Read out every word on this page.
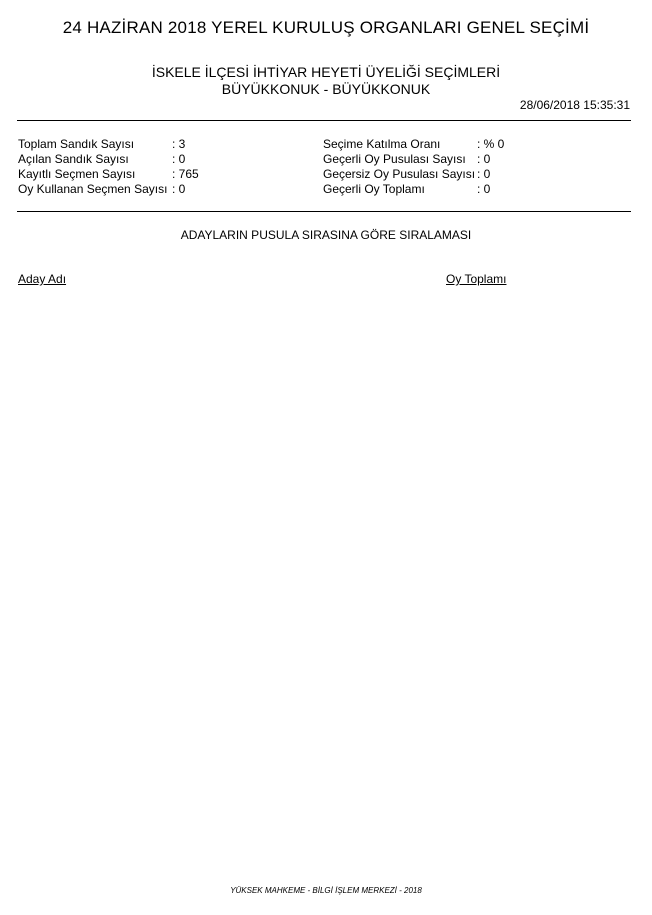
24 HAZİRAN 2018 YEREL KURULUŞ ORGANLARI GENEL SEÇİMİ
İSKELE İLÇESİ İHTİYAR HEYETİ ÜYELİĞİ SEÇİMLERİ
BÜYÜKKONUK - BÜYÜKKONUK
28/06/2018 15:35:31
Toplam Sandık Sayısı	: 3
Açılan Sandık Sayısı	: 0
Kayıtlı Seçmen Sayısı	: 765
Oy Kullanan Seçmen Sayısı : 0
Seçime Katılma Oranı	: % 0
Geçerli Oy Pusulası Sayısı : 0
Geçersiz Oy Pusulası Sayısı : 0
Geçerli Oy Toplamı	: 0
ADAYLARIN PUSULA SIRASINA GÖRE SIRALAMASI
Aday Adı	Oy Toplamı
YÜKSEK MAHKEME - BİLGİ İŞLEM MERKEZİ - 2018
